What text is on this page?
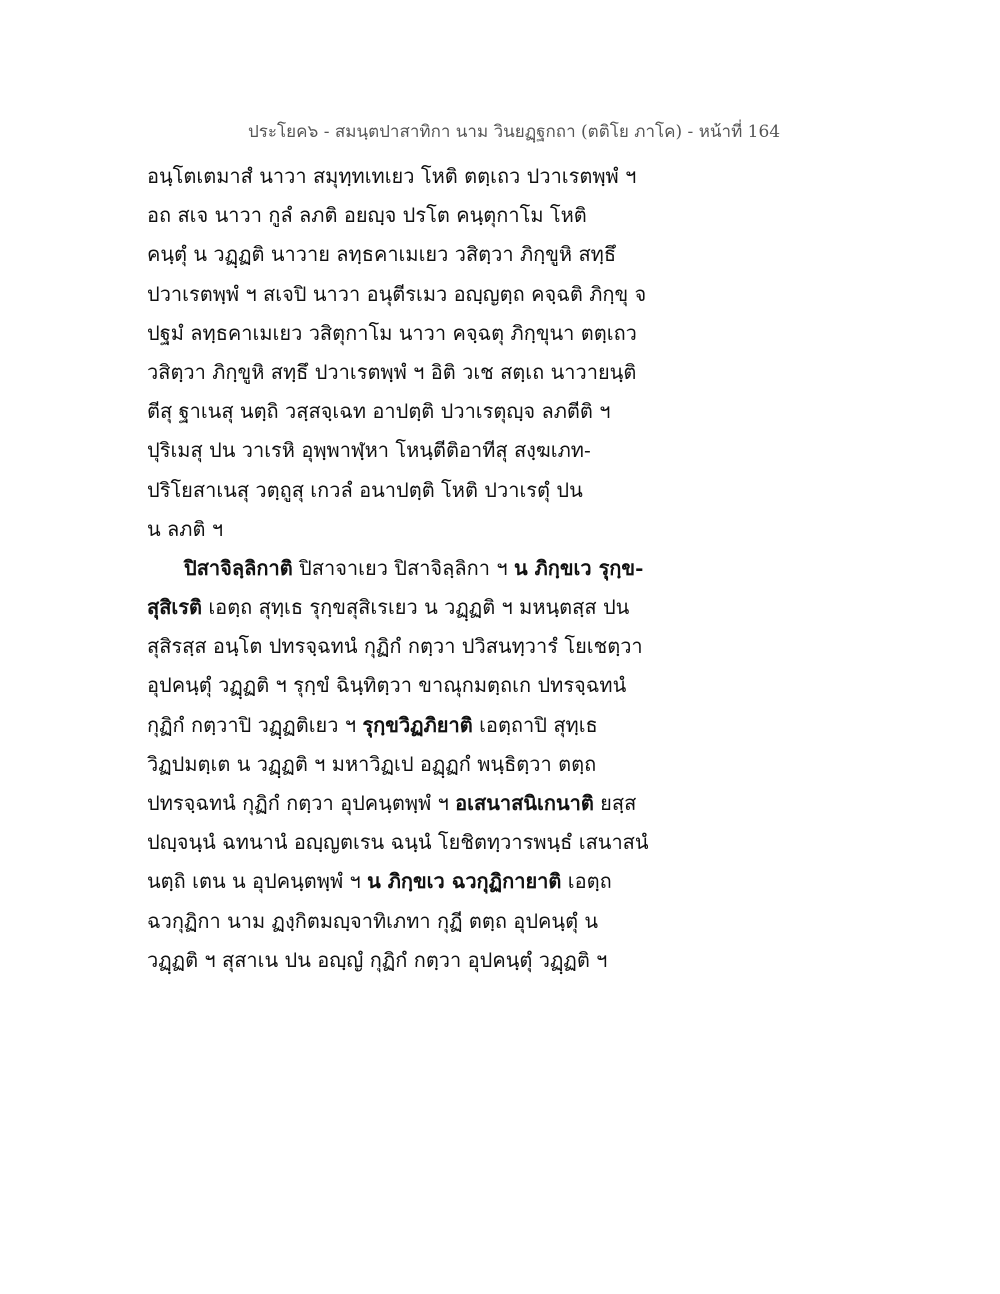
ประโยค๖ - สมนฺตปาสาทิกา นาม วินยฏฺฐกถา (ตติโย ภาโค) - หน้าที่ 164
อนฺโตเตมาสํ นาวา สมุทฺทเทเยว โหติ ตตฺเถว ปวาเรตพฺพํ ฯ
อถ สเจ นาวา กูลํ ลภติ อยญฺจ ปรโต คนฺตุกาโม โหติ
คนฺตุํ น วฏฺฏติ นาวาย ลทฺธคาเมเยว วสิตฺวา ภิกฺขูหิ สทฺธึ
ปวาเรตพฺพํ ฯ สเจปิ นาวา อนุตีรเมว อญฺญตฺถ คจฺฉติ ภิกฺขุ จ
ปฐมํ ลทฺธคาเมเยว วสิตุกาโม นาวา คจฺฉตุ ภิกฺขุนา ตตฺเถว
วสิตฺวา ภิกฺขูหิ สทฺธึ ปวาเรตพฺพํ ฯ อิติ วเช สตฺเถ นาวายนฺติ
ตีสุ ฐาเนสุ นตฺถิ วสฺสจฺเฉท อาปตฺติ ปวาเรตุญฺจ ลภตีติ ฯ
ปุริเมสุ ปน วาเรหิ อุพฺพาฬฺหา โหนฺตีติอาทีสุ สงฺฆเภท-
ปริโยสาเนสุ วตฺถูสุ เกวลํ อนาปตฺติ โหติ ปวาเรตุํ ปน
น ลภติ ฯ
ปิสาจิลฺลิกาติ ปิสาจาเยว ปิสาจิลฺลิกา ฯ น ภิกฺขเว รุกฺข-
สุสิเรติ เอตฺถ สุทฺเธ รุกฺขสุสิเรเยว น วฏฺฏติ ฯ มหนฺตสฺส ปน
สุสิรสฺส อนฺโต ปทรจฺฉทนํ กุฏิกํ กตฺวา ปวิสนทฺวารํ โยเชตฺวา
อุปคนฺตุํ วฏฺฏติ ฯ รุกฺขํ ฉินฺทิตฺวา ขาณุกมตฺถเก ปทรจฺฉทนํ
กุฏิกํ กตฺวาปิ วฏฺฏติเยว ฯ รุกฺขวิฏภิยาติ เอตฺถาปิ สุทฺเธ
วิฏปมตฺเต น วฏฺฏติ ฯ มหาวิฏเป อฏฺฏกํ พนฺธิตฺวา ตตฺถ
ปทรจฺฉทนํ กุฏิกํ กตฺวา อุปคนฺตพฺพํ ฯ อเสนาสนิเกนาติ ยสฺส
ปญฺจนฺนํ ฉทนานํ อญฺญตเรน ฉนฺนํ โยชิตทฺวารพนฺธํ เสนาสนํ
นตฺถิ เตน น อุปคนฺตพฺพํ ฯ น ภิกฺขเว ฉวกุฏิกายาติ เอตฺถ
ฉวกุฏิกา นาม ฏงฺกิตมญฺจาทิเภทา กุฏี ตตฺถ อุปคนฺตุํ น
วฏฺฏติ ฯ สุสาเน ปน อญฺญํ กุฏิกํ กตฺวา อุปคนฺตุํ วฏฺฏติ ฯ
